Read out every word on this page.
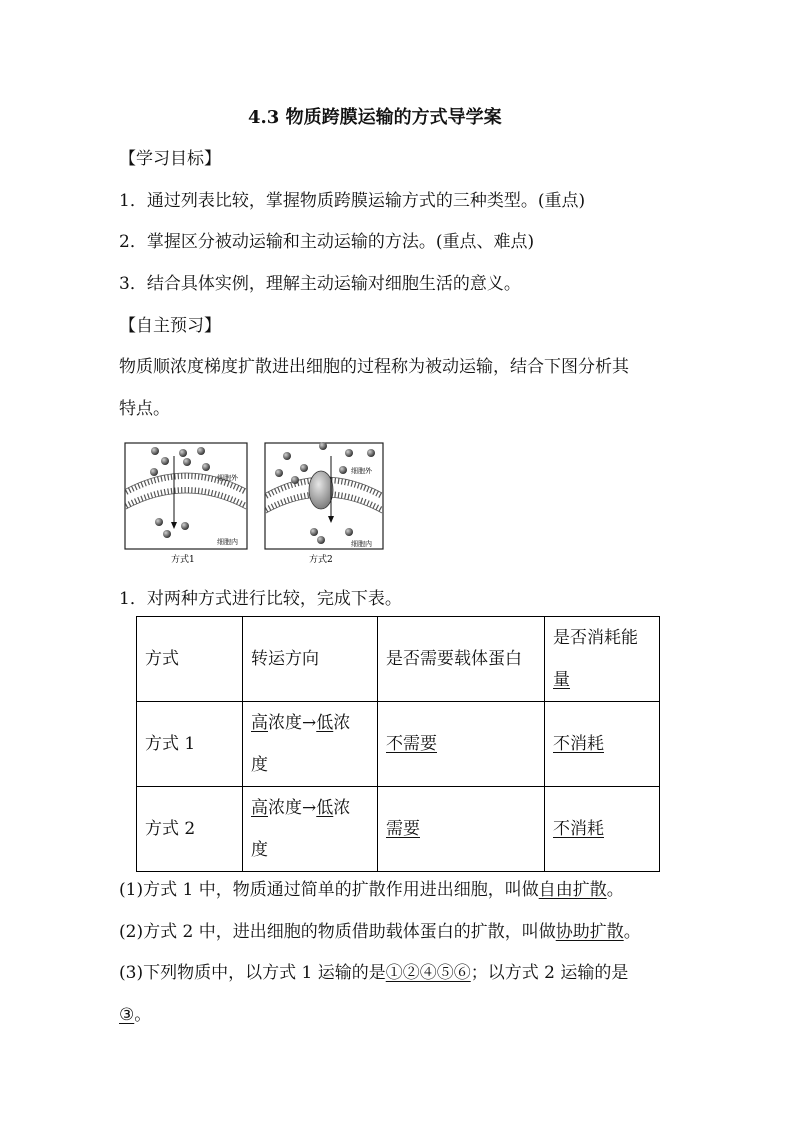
4.3 物质跨膜运输的方式导学案
【学习目标】
1．通过列表比较，掌握物质跨膜运输方式的三种类型。(重点)
2．掌握区分被动运输和主动运输的方法。(重点、难点)
3．结合具体实例，理解主动运输对细胞生活的意义。
【自主预习】
物质顺浓度梯度扩散进出细胞的过程称为被动运输，结合下图分析其
特点。
细胞外
细胞内
方式1
细胞外
细胞内
方式2
1．对两种方式进行比较，完成下表。
方式	转运方向	是否需要载体蛋白	是否消耗能
量
方式 1	高浓度→低浓
度	不需要	不消耗
方式 2	高浓度→低浓
度	需要	不消耗
(1)方式 1 中，物质通过简单的扩散作用进出细胞，叫做自由扩散。
(2)方式 2 中，进出细胞的物质借助载体蛋白的扩散，叫做协助扩散。
(3)下列物质中，以方式 1 运输的是①②④⑤⑥；以方式 2 运输的是
③。
